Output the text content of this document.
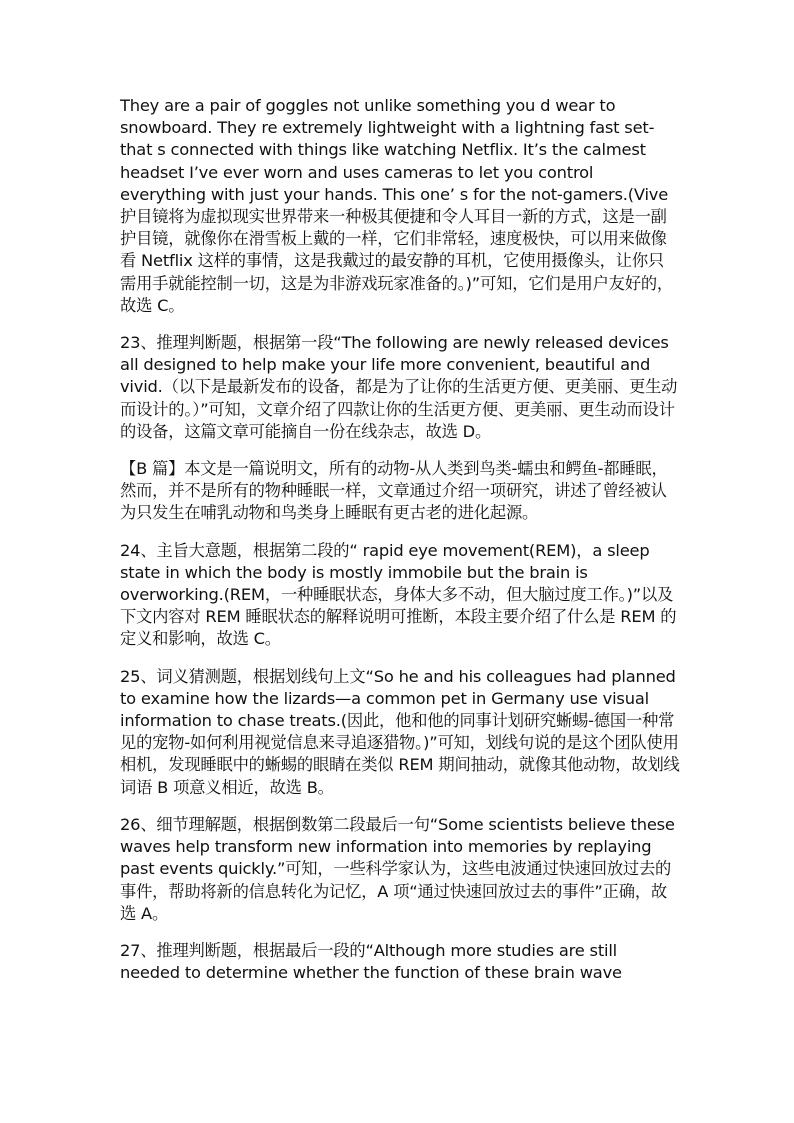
They are a pair of goggles not unlike something you d wear to snowboard. They re extremely lightweight with a lightning fast set-that s connected with things like watching Netflix. It’s the calmest headset I’ve ever worn and uses cameras to let you control everything with just your hands. This one’ s for the not-gamers.(Vive护目镜将为虚拟现实世界带来一种极其便捷和令人耳目一新的方式，这是一副护目镜，就像你在滑雪板上戴的一样，它们非常轻，速度极快，可以用来做像看 Netflix 这样的事情，这是我戴过的最安静的耳机，它使用摄像头，让你只需用手就能控制一切，这是为非游戏玩家准备的。)”可知，它们是用户友好的，故选 C。

23、推理判断题，根据第一段“The following are newly released devices all designed to help make your life more convenient, beautiful and vivid.（以下是最新发布的设备，都是为了让你的生活更方便、更美丽、更生动而设计的。）”可知，文章介绍了四款让你的生活更方便、更美丽、更生动而设计的设备，这篇文章可能摘自一份在线杂志，故选 D。

【B 篇】本文是一篇说明文，所有的动物-从人类到鸟类-蠕虫和鳄鱼-都睡眠，然而，并不是所有的物种睡眠一样，文章通过介绍一项研究，讲述了曾经被认为只发生在哺乳动物和鸟类身上睡眠有更古老的进化起源。

24、主旨大意题，根据第二段的“ rapid eye movement(REM)，a sleep state in which the body is mostly immobile but the brain is overworking.(REM，一种睡眠状态，身体大多不动，但大脑过度工作。)”以及下文内容对 REM 睡眠状态的解释说明可推断，本段主要介绍了什么是 REM 的定义和影响，故选 C。

25、词义猜测题，根据划线句上文“So he and his colleagues had planned to examine how the lizards—a common pet in Germany use visual information to chase treats.(因此，他和他的同事计划研究蜥蜴-德国一种常见的宠物-如何利用视觉信息来寻追逐猎物。)”可知，划线句说的是这个团队使用相机，发现睡眠中的蜥蜴的眼睛在类似 REM 期间抽动，就像其他动物，故划线词语 B 项意义相近，故选 B。

26、细节理解题，根据倒数第二段最后一句“Some scientists believe these waves help transform new information into memories by replaying past events quickly.”可知，一些科学家认为，这些电波通过快速回放过去的事件，帮助将新的信息转化为记忆，A 项“通过快速回放过去的事件”正确，故选 A。

27、推理判断题，根据最后一段的“Although more studies are still needed to determine whether the function of these brain wave
